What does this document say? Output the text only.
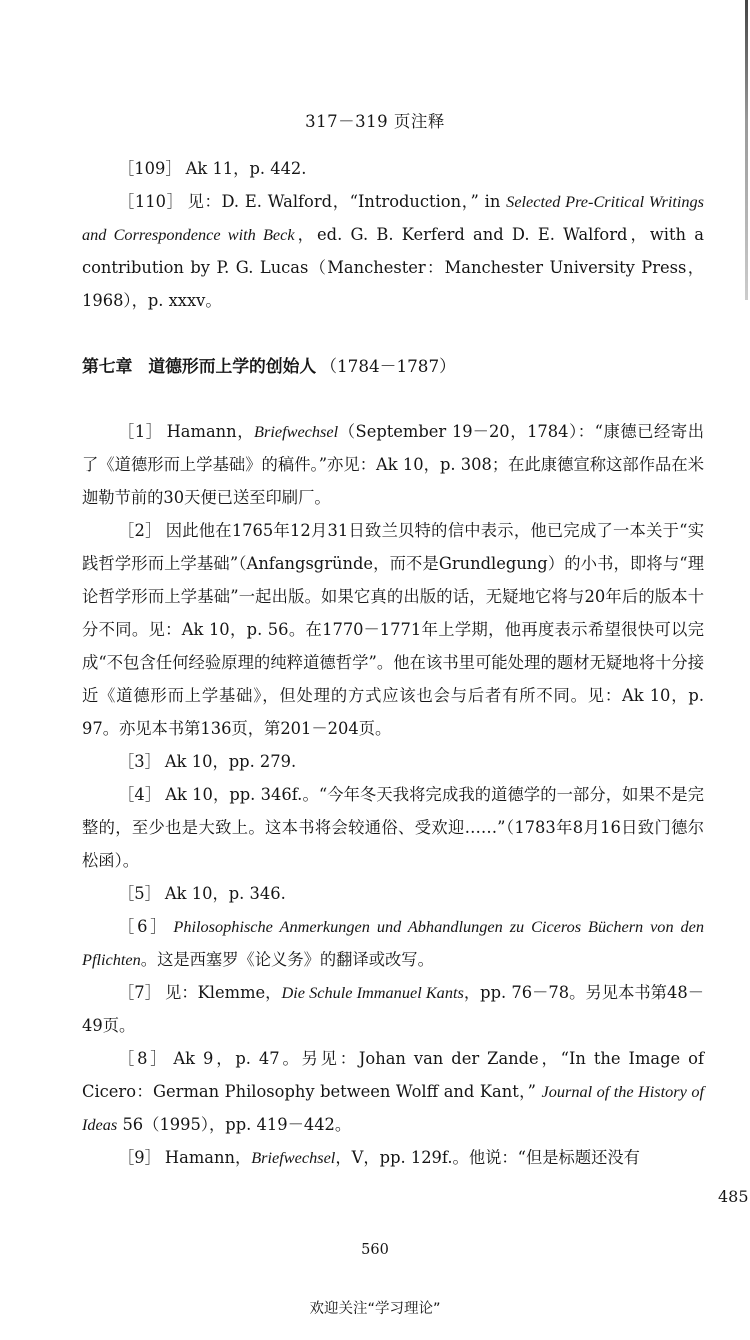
317－319 页注释

［109］ Ak 11，p. 442.

［110］ 见：D. E. Walford，“Introduction，” in Selected Pre-Critical Writings and Correspondence with Beck，ed. G. B. Kerferd and D. E. Walford，with a contribution by P. G. Lucas（Manchester：Manchester University Press，1968），p. xxxv。

第七章 道德形而上学的创始人 （1784－1787）

［1］ Hamann，Briefwechsel（September 19－20，1784）：“康德已经寄出了《道德形而上学基础》的稿件。”亦见：Ak 10，p. 308；在此康德宣称这部作品在米迦勒节前的30天便已送至印刷厂。

［2］ 因此他在1765年12月31日致兰贝特的信中表示，他已完成了一本关于“实践哲学形而上学基础”（Anfangsgründe，而不是Grundlegung）的小书，即将与“理论哲学形而上学基础”一起出版。如果它真的出版的话，无疑地它将与20年后的版本十分不同。见：Ak 10，p. 56。在1770－1771年上学期，他再度表示希望很快可以完成“不包含任何经验原理的纯粹道德哲学”。他在该书里可能处理的题材无疑地将十分接近《道德形而上学基础》，但处理的方式应该也会与后者有所不同。见：Ak 10，p. 97。亦见本书第136页，第201－204页。

［3］ Ak 10，pp. 279.

［4］ Ak 10，pp. 346f.。“今年冬天我将完成我的道德学的一部分，如果不是完整的，至少也是大致上。这本书将会较通俗、受欢迎……”（1783年8月16日致门德尔松函）。

［5］ Ak 10，p. 346.

［6］ Philosophische Anmerkungen und Abhandlungen zu Ciceros Büchern von den Pflichten。这是西塞罗《论义务》的翻译或改写。

［7］ 见：Klemme，Die Schule Immanuel Kants，pp. 76－78。另见本书第48－49页。

［8］ Ak 9，p. 47。另见：Johan van der Zande，“In the Image of Cicero：German Philosophy between Wolff and Kant，” Journal of the History of Ideas 56（1995），pp. 419－442。

［9］ Hamann，Briefwechsel，V，pp. 129f.。他说：“但是标题还没有

485
560
欢迎关注“学习理论”
